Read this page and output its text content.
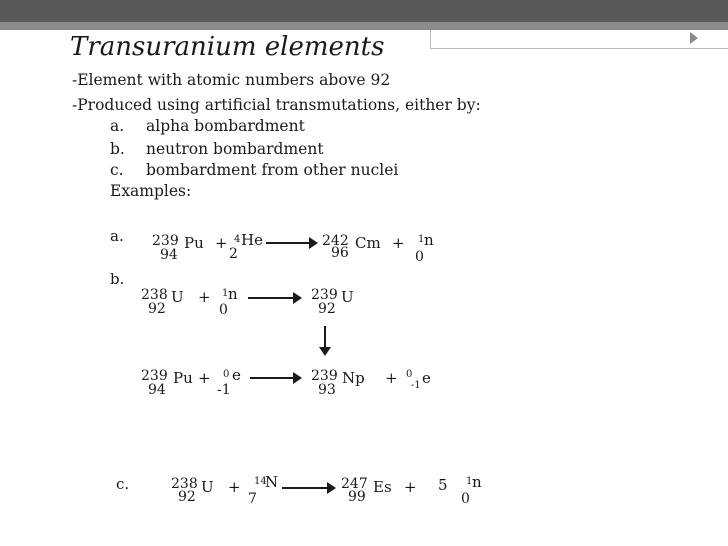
Transuranium elements
-Element with atomic numbers above 92
-Produced using artificial transmutations, either by:
a. alpha bombardment
b. neutron bombardment
c. bombardment from other nuclei
Examples:
a. 239
94
Pu + 4
2
He → 242
96
Cm + 1 n
0
b.
238
92
U + 1 n
0
→ 239
92
U
239
94
Pu + 0 e
-1
→ 239
93
Np + 0
-1 e
c.	238
92
U + 14
N
7
→ 247
99
Es + 5 1 n
0
